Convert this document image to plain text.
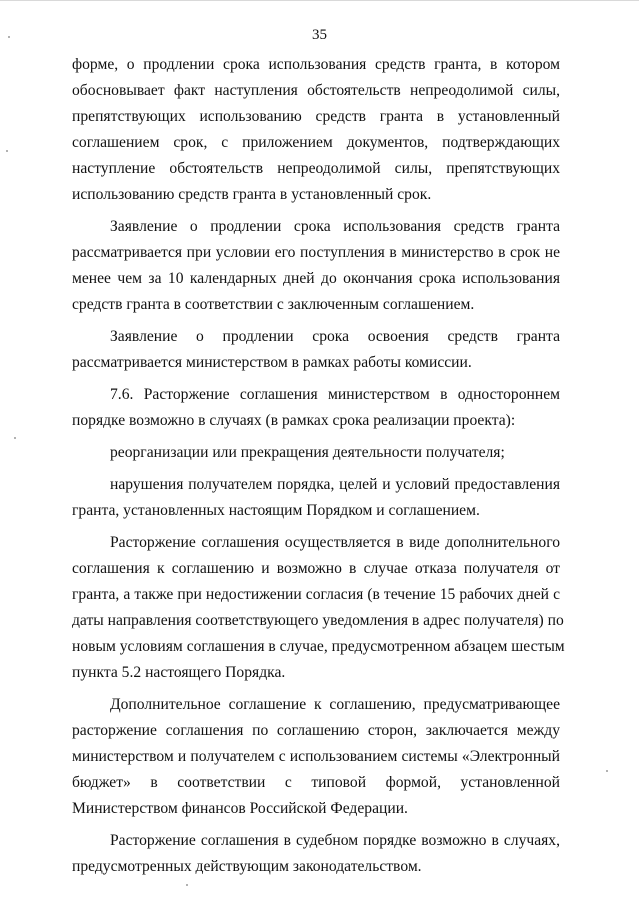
35
форме, о продлении срока использования средств гранта, в котором
обосновывает факт наступления обстоятельств непреодолимой силы,
препятствующих использованию средств гранта в установленный
соглашением срок, с приложением документов, подтверждающих
наступление обстоятельств непреодолимой силы, препятствующих
использованию средств гранта в установленный срок.
Заявление о продлении срока использования средств гранта
рассматривается при условии его поступления в министерство в срок не
менее чем за 10 календарных дней до окончания срока использования
средств гранта в соответствии с заключенным соглашением.
Заявление о продлении срока освоения средств гранта
рассматривается министерством в рамках работы комиссии.
7.6. Расторжение соглашения министерством в одностороннем
порядке возможно в случаях (в рамках срока реализации проекта):
реорганизации или прекращения деятельности получателя;
нарушения получателем порядка, целей и условий предоставления
гранта, установленных настоящим Порядком и соглашением.
Расторжение соглашения осуществляется в виде дополнительного
соглашения к соглашению и возможно в случае отказа получателя от
гранта, а также при недостижении согласия (в течение 15 рабочих дней с
даты направления соответствующего уведомления в адрес получателя) по
новым условиям соглашения в случае, предусмотренном абзацем шестым
пункта 5.2 настоящего Порядка.
Дополнительное соглашение к соглашению, предусматривающее
расторжение соглашения по соглашению сторон, заключается между
министерством и получателем с использованием системы «Электронный
бюджет» в соответствии с типовой формой, установленной
Министерством финансов Российской Федерации.
Расторжение соглашения в судебном порядке возможно в случаях,
предусмотренных действующим законодательством.
